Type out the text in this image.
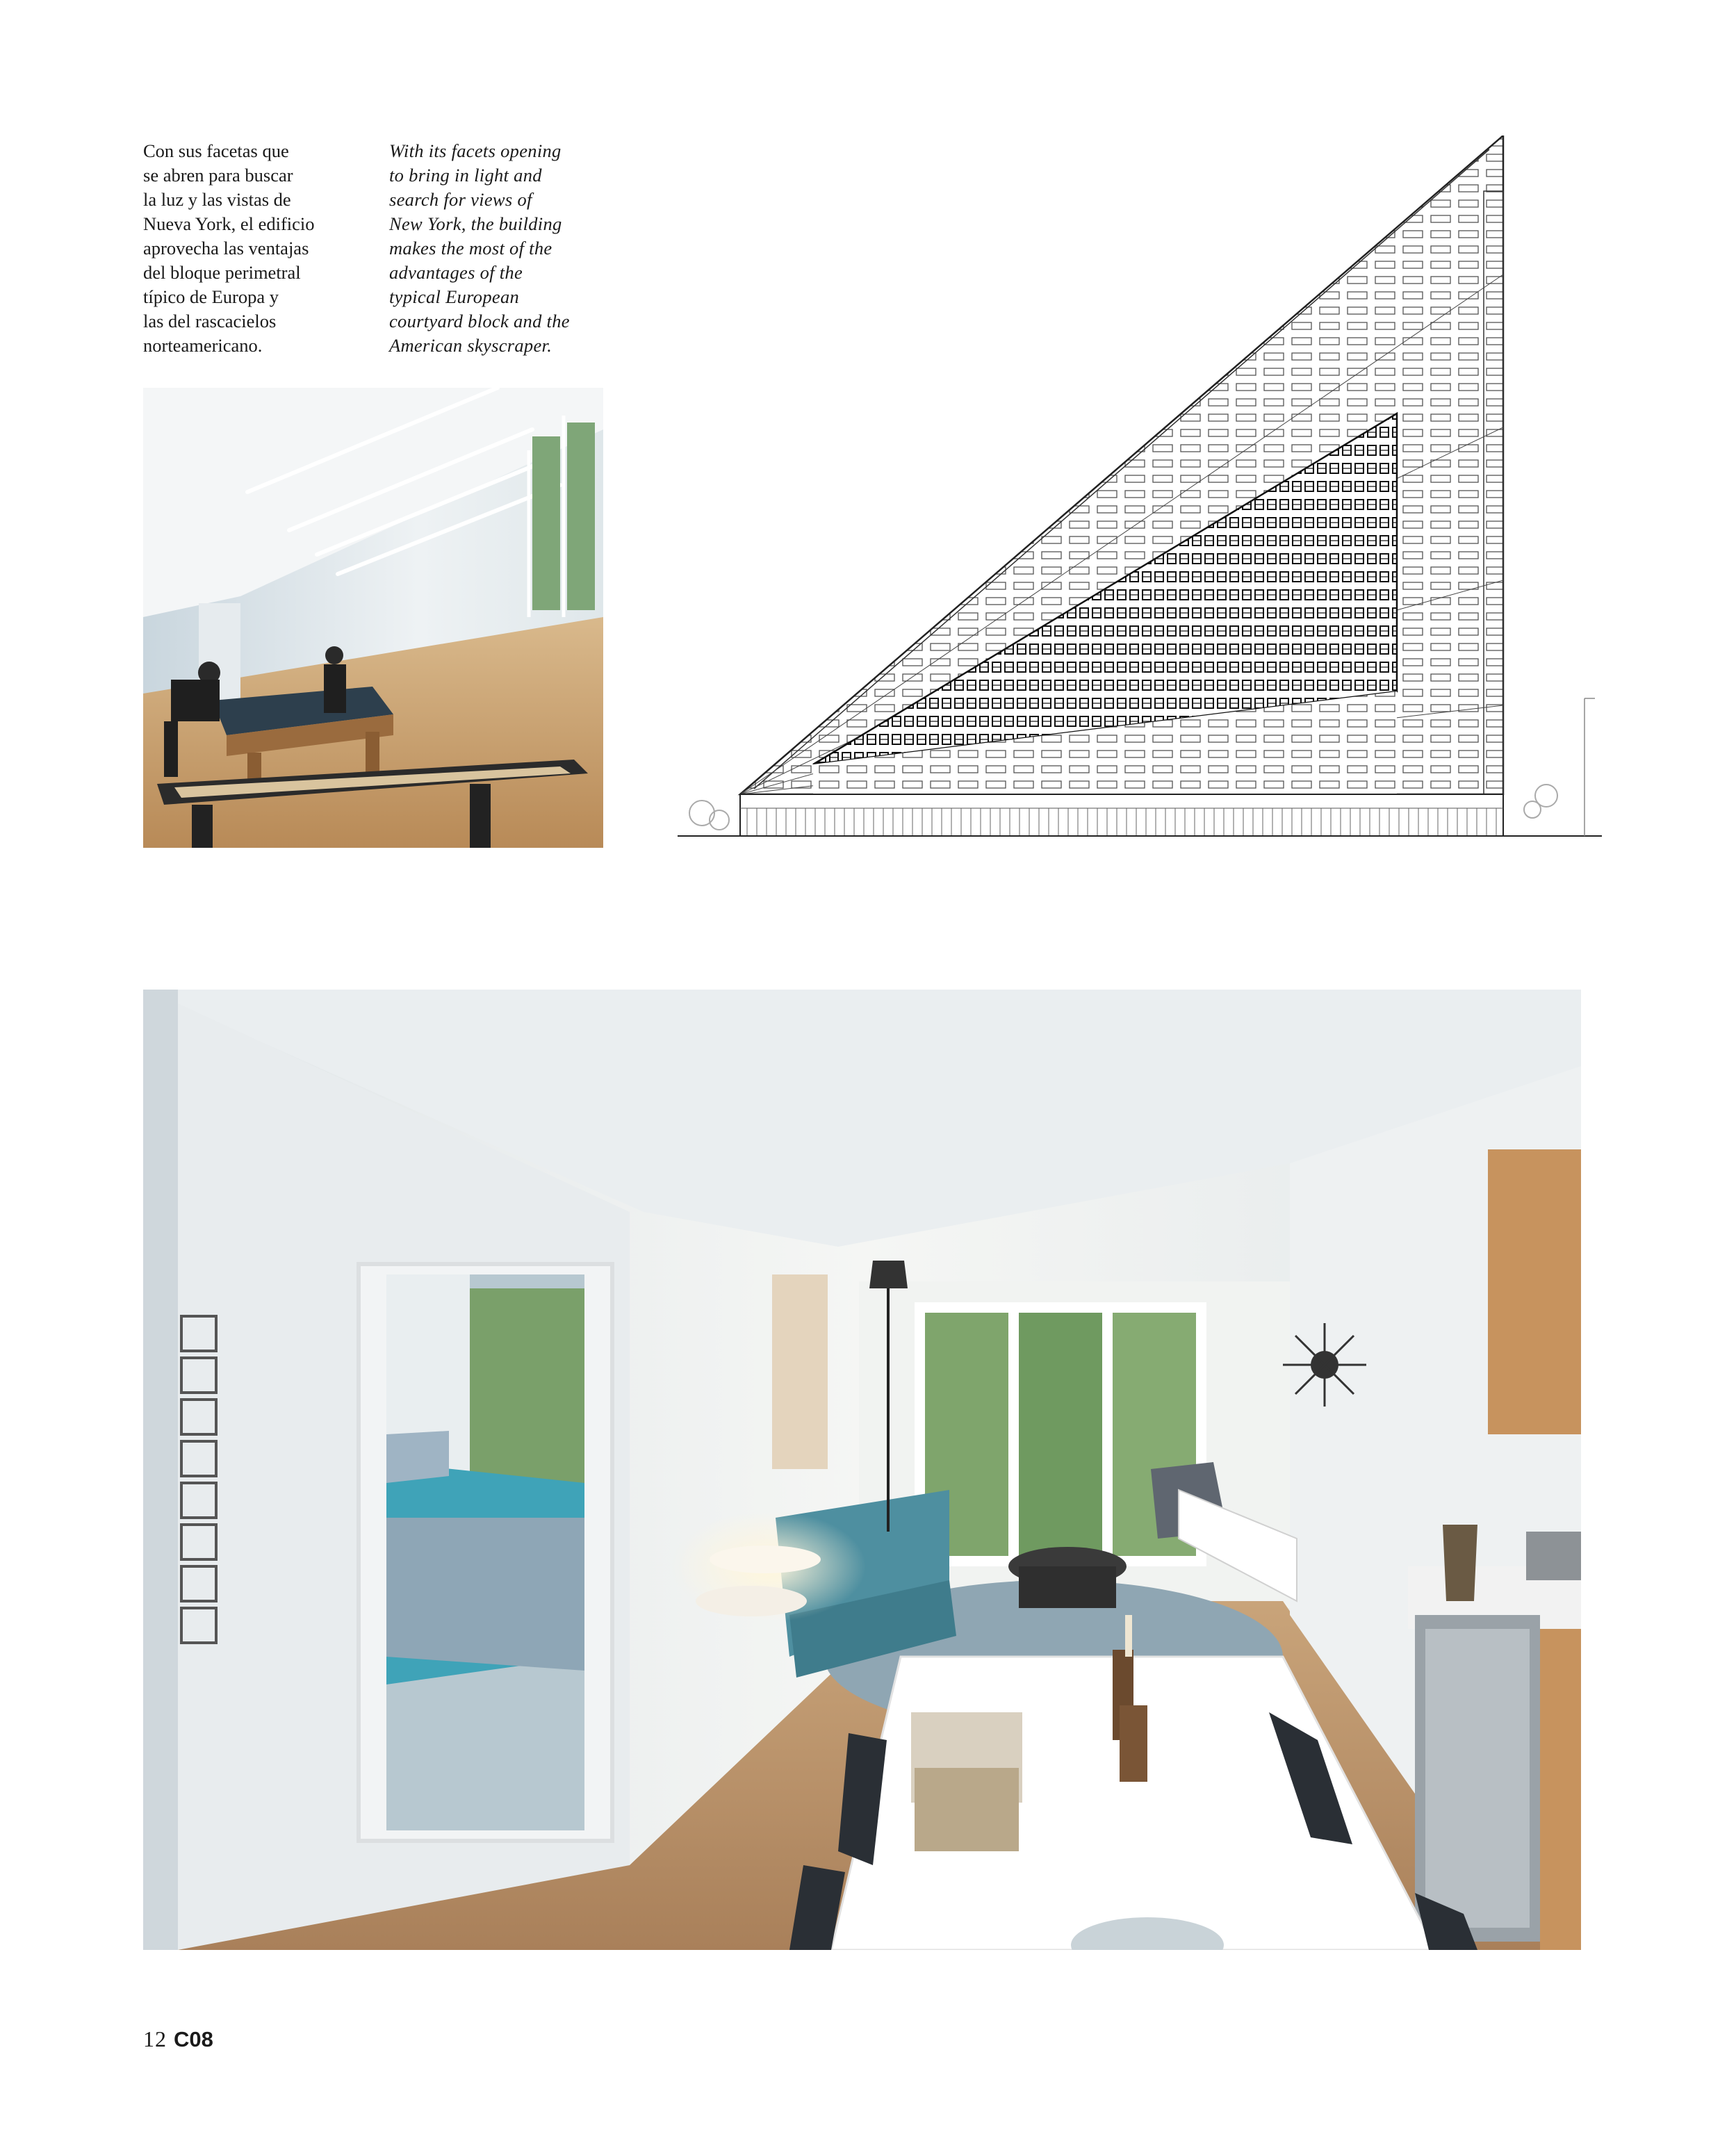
Con sus facetas que
se abren para buscar
la luz y las vistas de
Nueva York, el edificio
aprovecha las ventajas
del bloque perimetral
típico de Europa y
las del rascacielos
norteamericano.

With its facets opening
to bring in light and
search for views of
New York, the building
makes the most of the
advantages of the
typical European
courtyard block and the
American skyscraper.

12 C08
